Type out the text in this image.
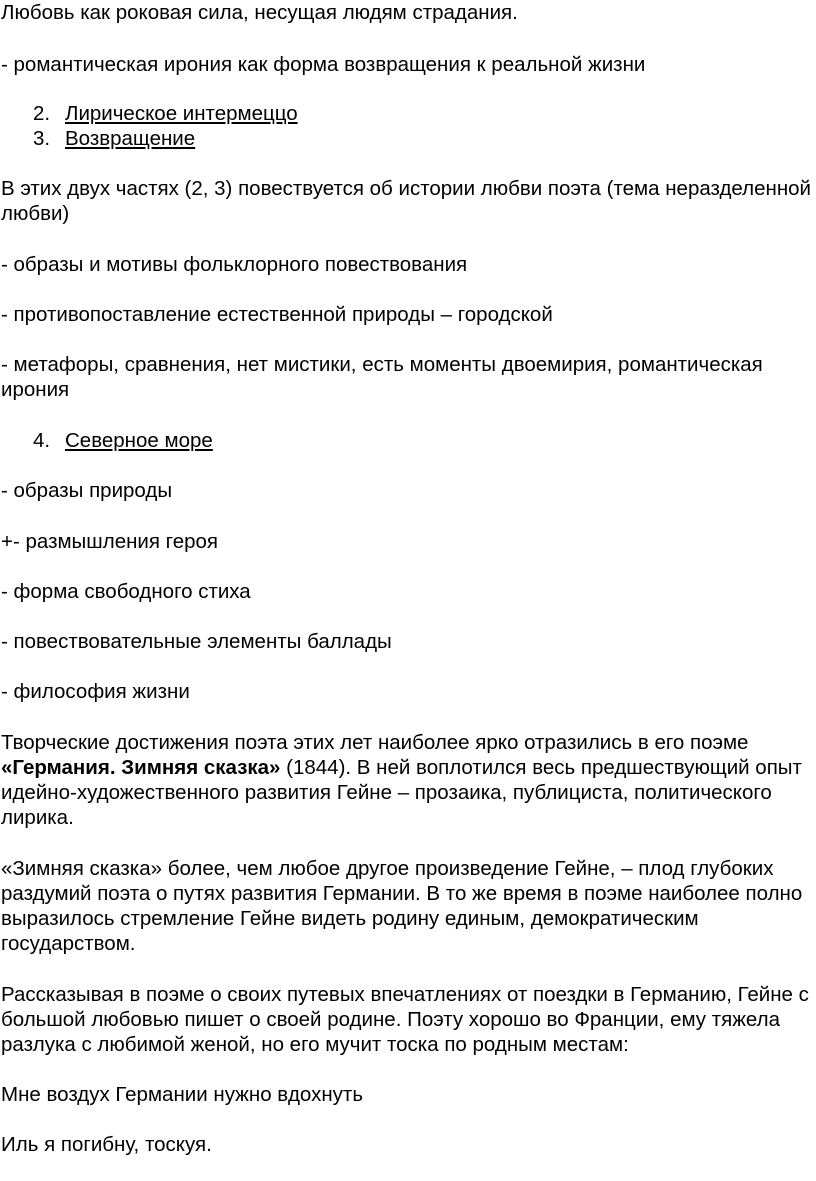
Любовь как роковая сила, несущая людям страдания.

- романтическая ирония как форма возвращения к реальной жизни

2. Лирическое интермеццо
3. Возвращение

В этих двух частях (2, 3) повествуется об истории любви поэта (тема неразделенной любви)

- образы и мотивы фольклорного повествования

- противопоставление естественной природы – городской

- метафоры, сравнения, нет мистики, есть моменты двоемирия, романтическая ирония

4. Северное море

- образы природы

+- размышления героя

- форма свободного стиха

- повествовательные элементы баллады

- философия жизни

Творческие достижения поэта этих лет наиболее ярко отразились в его поэме «Германия. Зимняя сказка» (1844). В ней воплотился весь предшествующий опыт идейно-художественного развития Гейне – прозаика, публициста, политического лирика.

«Зимняя сказка» более, чем любое другое произведение Гейне, – плод глубоких раздумий поэта о путях развития Германии. В то же время в поэме наиболее полно выразилось стремление Гейне видеть родину единым, демократическим государством.

Рассказывая в поэме о своих путевых впечатлениях от поездки в Германию, Гейне с большой любовью пишет о своей родине. Поэту хорошо во Франции, ему тяжела разлука с любимой женой, но его мучит тоска по родным местам:

Мне воздух Германии нужно вдохнуть

Иль я погибну, тоскуя.
